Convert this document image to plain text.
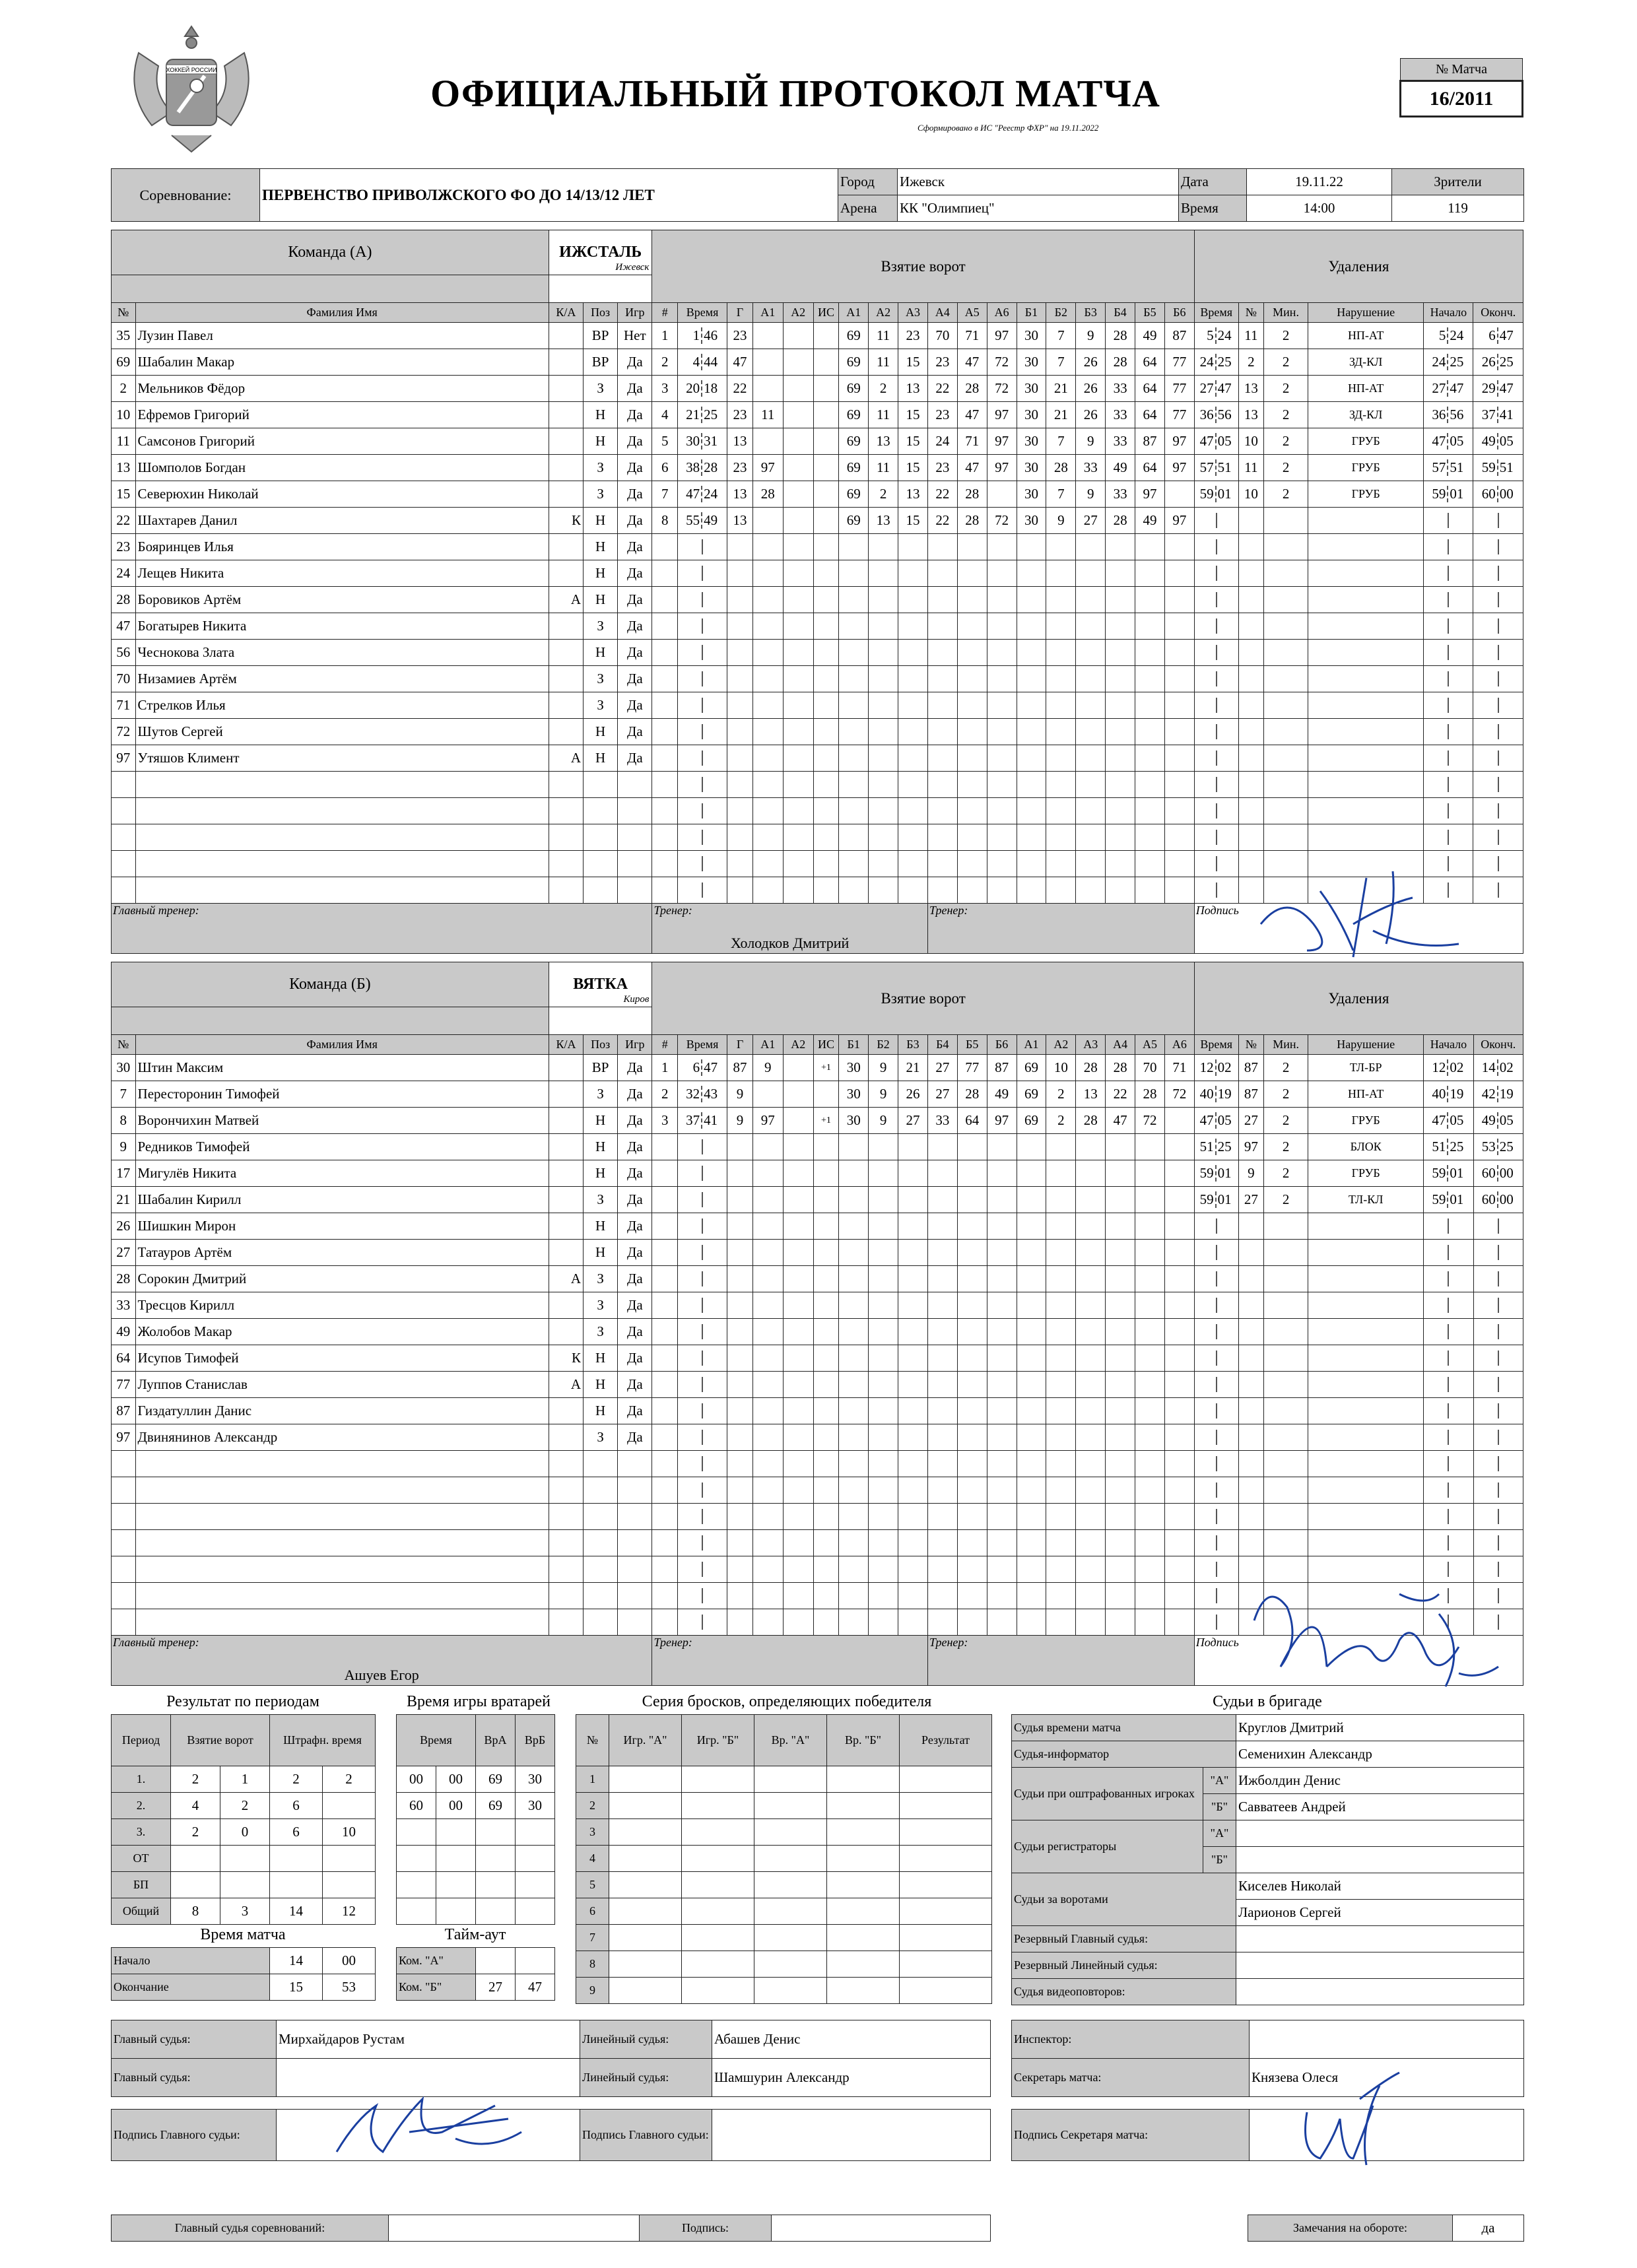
ХОККЕЙ РОССИИ
ОФИЦИАЛЬНЫЙ ПРОТОКОЛ МАТЧА
Сформировано в ИС "Реестр ФХР" на 19.11.2022
№ Матча
16/2011
Соревнование:	ПЕРВЕНСТВО ПРИВОЛЖСКОГО ФО ДО 14/13/12 ЛЕТ	Город	Ижевск	Дата	19.11.22	Зрители
		Арена	КК "Олимпиец"	Время	14:00	119
Команда (А)		ИЖСТАЛЬ
Ижевск			Взятие ворот																		Удаления					

№	Фамилия Имя	К/А	Поз	Игр	#	Время	Г	А1	А2	ИС	А1	А2	А3	А4	А5	А6	Б1	Б2	Б3	Б4	Б5	Б6	Время	№	Мин.	Нарушение	Начало	Оконч.
35	Лузин Павел		ВР	Нет	1	1 46	23				69	11	23	70	71	97	30	7	9	28	49	87	5 24	11	2	НП-АТ	5 24	6 47
69	Шабалин Макар		ВР	Да	2	4 44	47				69	11	15	23	47	72	30	7	26	28	64	77	24 25	2	2	ЗД-КЛ	24 25	26 25
2	Мельников Фёдор		З	Да	3	20 18	22				69	2	13	22	28	72	30	21	26	33	64	77	27 47	13	2	НП-АТ	27 47	29 47
10	Ефремов Григорий		Н	Да	4	21 25	23	11			69	11	15	23	47	97	30	21	26	33	64	77	36 56	13	2	ЗД-КЛ	36 56	37 41
11	Самсонов Григорий		Н	Да	5	30 31	13				69	13	15	24	71	97	30	7	9	33	87	97	47 05	10	2	ГРУБ	47 05	49 05
13	Шомполов Богдан		З	Да	6	38 28	23	97			69	11	15	23	47	97	30	28	33	49	64	97	57 51	11	2	ГРУБ	57 51	59 51
15	Северюхин Николай		З	Да	7	47 24	13	28			69	2	13	22	28		30	7	9	33	97		59 01	10	2	ГРУБ	59 01	60 00
22	Шахтарев Данил	К	Н	Да	8	55 49	13				69	13	15	22	28	72	30	9	27	28	49	97						
23	Бояринцев Илья		Н	Да																								
24	Лещев Никита		Н	Да																								
28	Боровиков Артём	А	Н	Да																								
47	Богатырев Никита		З	Да																								
56	Чеснокова Злата		Н	Да																								
70	Низамиев Артём		З	Да																								
71	Стрелков Илья		З	Да																								
72	Шутов Сергей		Н	Да																								
97	Утяшов Климент	А	Н	Да																								

Главный тренер:					Тренер:
Холодков Дмитрий									Тренер:									Подпись					
Команда (Б)		ВЯТКА
Киров			Взятие ворот																		Удаления					

№	Фамилия Имя	К/А	Поз	Игр	#	Время	Г	А1	А2	ИС	Б1	Б2	Б3	Б4	Б5	Б6	А1	А2	А3	А4	А5	А6	Время	№	Мин.	Нарушение	Начало	Оконч.
30	Штин Максим		ВР	Да	1	6 47	87	9		+1	30	9	21	27	77	87	69	10	28	28	70	71	12 02	87	2	ТЛ-БР	12 02	14 02
7	Пересторонин Тимофей		З	Да	2	32 43	9				30	9	26	27	28	49	69	2	13	22	28	72	40 19	87	2	НП-АТ	40 19	42 19
8	Ворончихин Матвей		Н	Да	3	37 41	9	97		+1	30	9	27	33	64	97	69	2	28	47	72		47 05	27	2	ГРУБ	47 05	49 05
9	Редников Тимофей		Н	Да																			51 25	97	2	БЛОК	51 25	53 25
17	Мигулёв Никита		Н	Да																			59 01	9	2	ГРУБ	59 01	60 00
21	Шабалин Кирилл		З	Да																			59 01	27	2	ТЛ-КЛ	59 01	60 00
26	Шишкин Мирон		Н	Да																								
27	Татауров Артём		Н	Да																								
28	Сорокин Дмитрий	А	З	Да																								
33	Тресцов Кирилл		З	Да																								
49	Жолобов Макар		З	Да																								
64	Исупов Тимофей	К	Н	Да																								
77	Луппов Станислав	А	Н	Да																								
87	Гиздатуллин Данис		Н	Да																								
97	Двинянинов Александр		З	Да																								

Главный тренер:
Ашуев Егор					Тренер:									Тренер:									Подпись					
Результат по периодам
Период	Взятие ворот		Штрафн. время	
1.	2	1	2	2
2.	4	2	6	
3.	2	0	6	10
ОТ				
БП				
Общий	8	3	14	12
Время матча
Начало	14	00
Окончание	15	53
Время игры вратарей
Время		ВрА	ВрБ
00	00	69	30
60	00	69	30

Тайм-аут
Ком. "А"		
Ком. "Б"	27	47
Серия бросков, определяющих победителя
№	Игр. "А"	Игр. "Б"	Вр. "А"	Вр. "Б"	Результат
1					
2					
3					
4					
5					
6					
7					
8					
9					
Судьи в бригаде
Судья времени матча		Круглов Дмитрий
Судья-информатор		Семенихин Александр
Судьи при оштрафованных игроках	"А"	Ижболдин Денис
	"Б"	Савватеев Андрей
Судьи регистраторы	"А"	
	"Б"	
Судьи за воротами		Киселев Николай
		Ларионов Сергей
Резервный Главный судья:		
Резервный Линейный судья:		
Судья видеоповторов:		
Главный судья:	Мирхайдаров Рустам	Линейный судья:	Абашев Денис
Главный судья:		Линейный судья:	Шамшурин Александр
Инспектор:	
Секретарь матча:	Князева Олеся
Подпись Главного судьи:		Подпись Главного судьи:		Подпись Секретаря матча:	
Главный судья соревнований:		Подпись:		Замечания на обороте:	да
